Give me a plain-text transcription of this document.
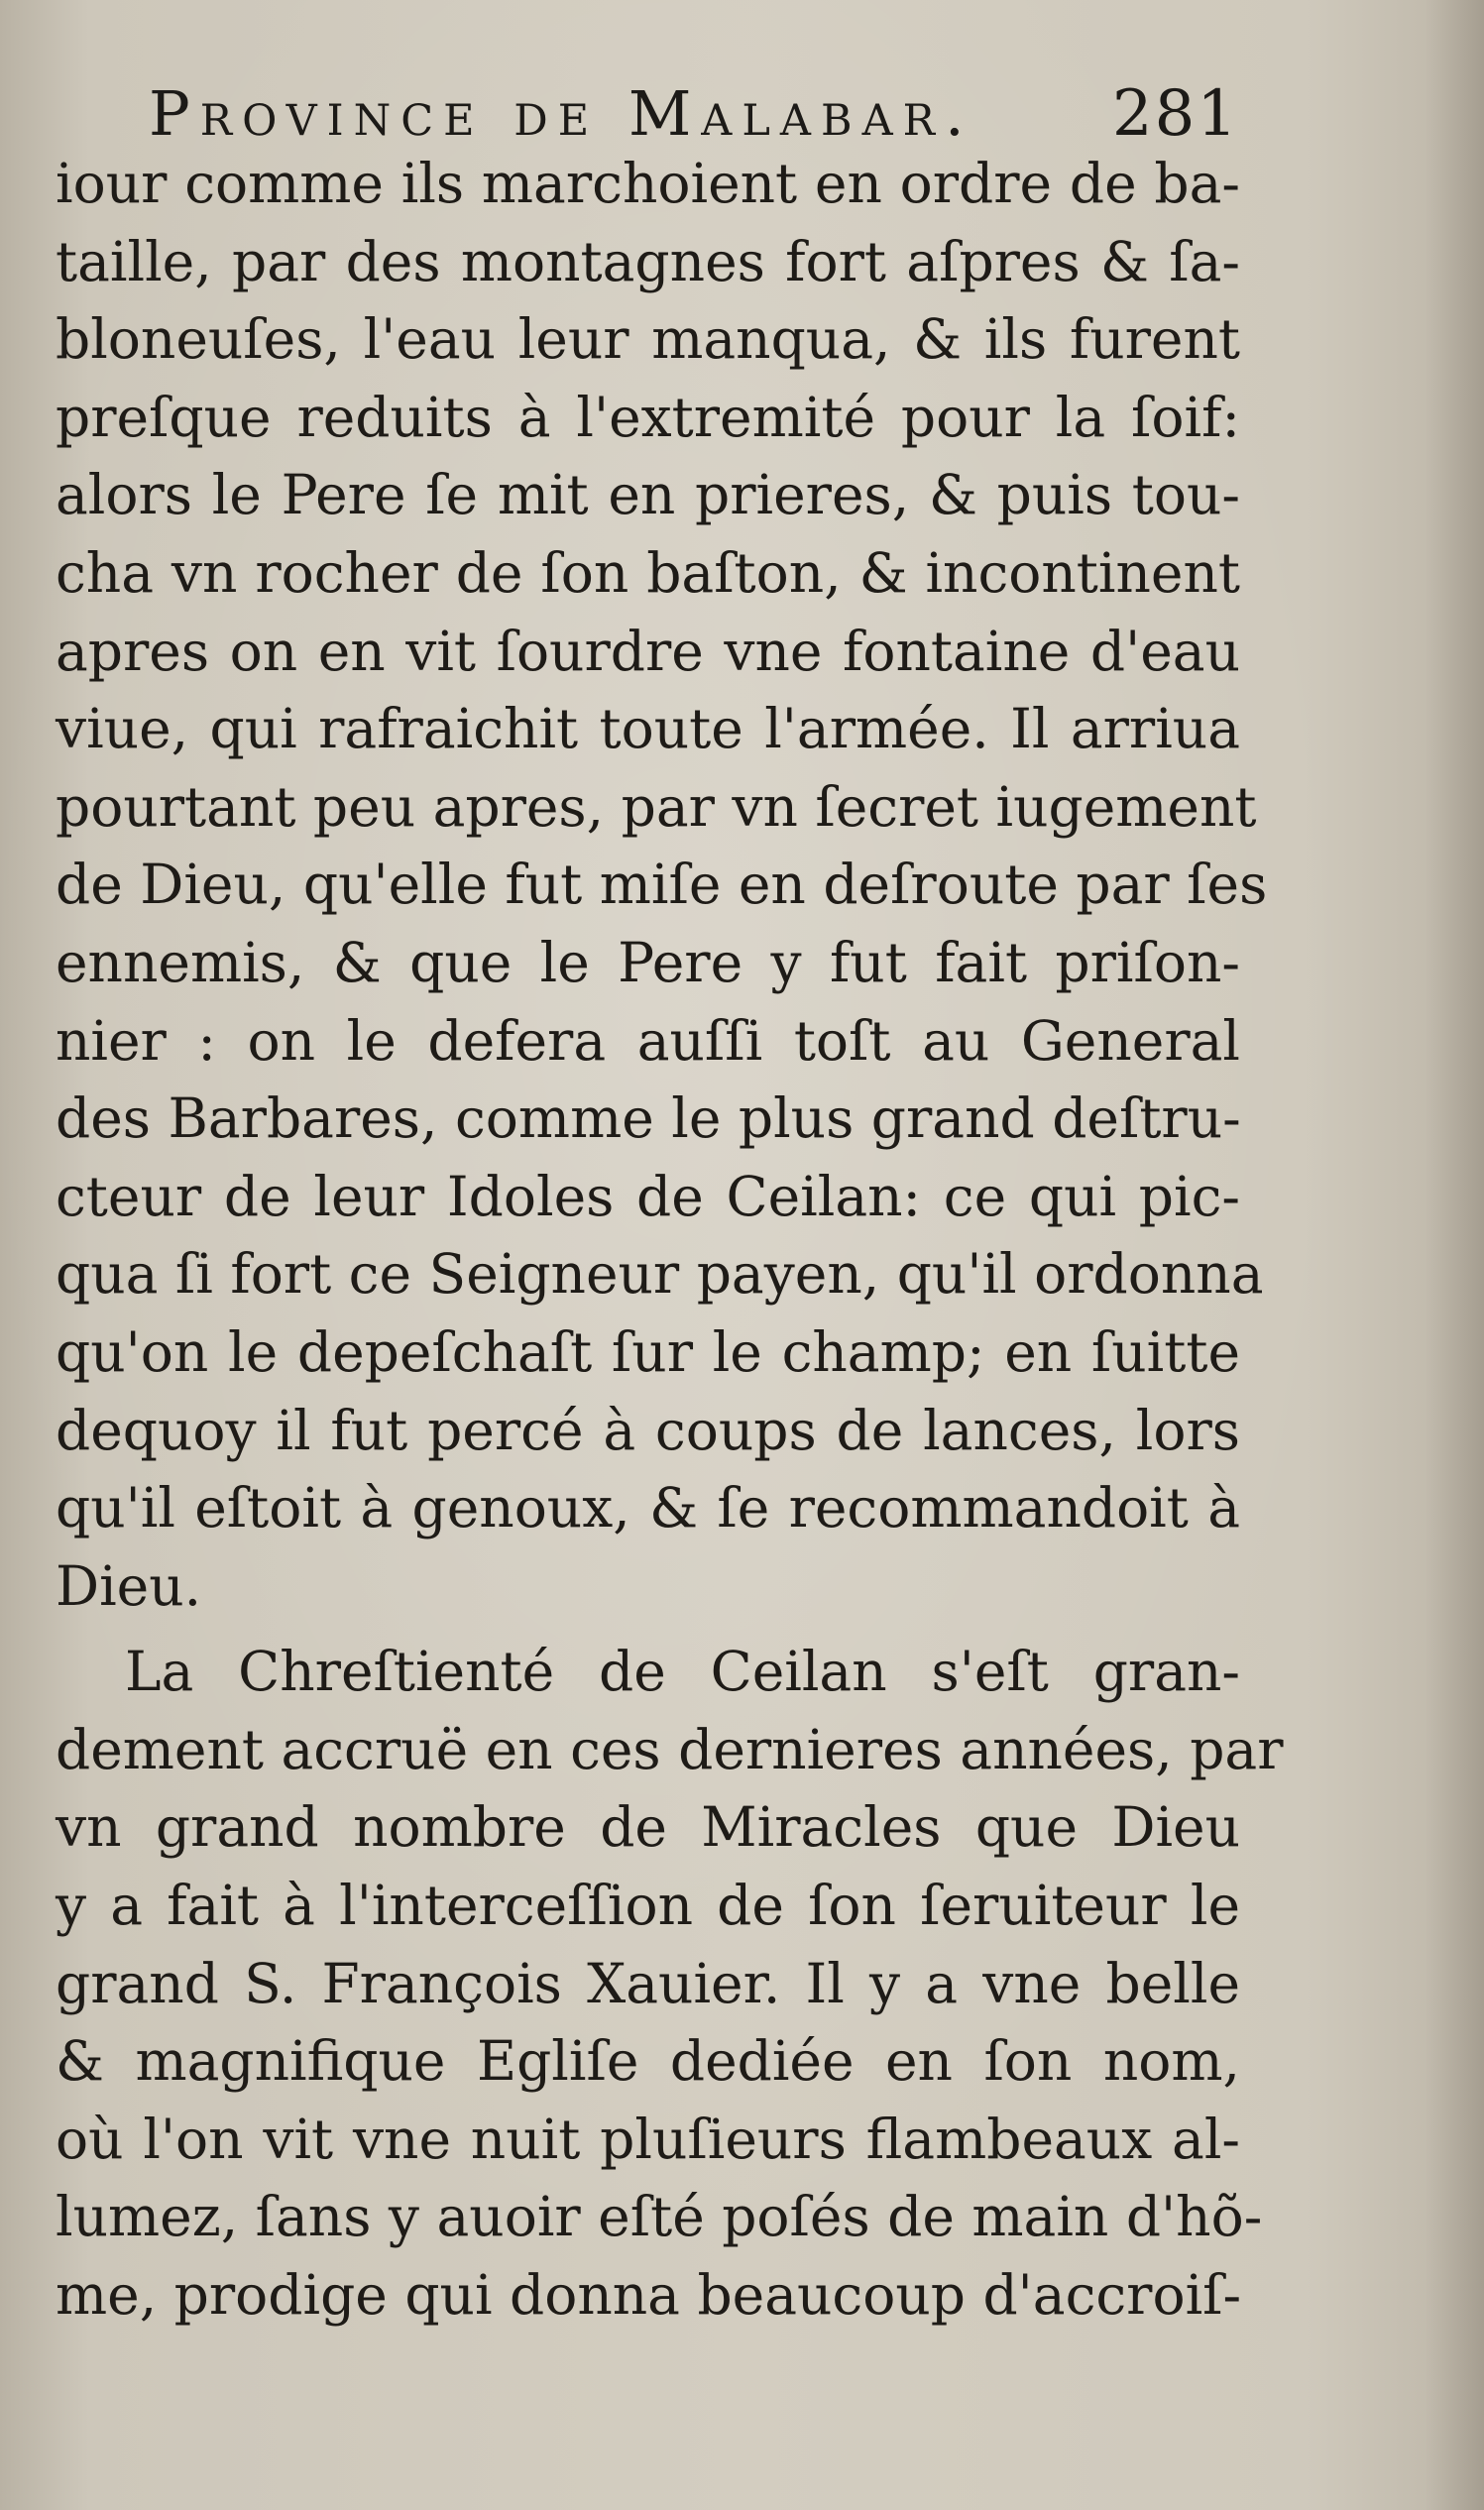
Province de Malabar. 281
iour comme ils marchoient en ordre de ba-
taille, par des montagnes fort aſpres & ſa-
bloneuſes, l'eau leur manqua, & ils furent
preſque reduits à l'extremité pour la ſoif:
alors le Pere ſe mit en prieres, & puis tou-
cha vn rocher de ſon baſton, & incontinent
apres on en vit ſourdre vne fontaine d'eau
viue, qui rafraichit toute l'armée. Il arriua
pourtant peu apres, par vn ſecret iugement
de Dieu, qu'elle fut miſe en deſroute par ſes
ennemis, & que le Pere y fut fait priſon-
nier : on le defera auſſi toſt au General
des Barbares, comme le plus grand deſtru-
cteur de leur Idoles de Ceilan: ce qui pic-
qua ſi fort ce Seigneur payen, qu'il ordonna
qu'on le depeſchaſt ſur le champ; en ſuitte
dequoy il fut percé à coups de lances, lors
qu'il eſtoit à genoux, & ſe recommandoit à
Dieu.
La Chreſtienté de Ceilan s'eſt gran-
dement accruë en ces dernieres années, par
vn grand nombre de Miracles que Dieu
y a fait à l'interceſſion de ſon ſeruiteur le
grand S. François Xauier. Il y a vne belle
& magnifique Egliſe dediée en ſon nom,
où l'on vit vne nuit pluſieurs flambeaux al-
lumez, ſans y auoir eſté poſés de main d'hõ-
me, prodige qui donna beaucoup d'accroiſ-
